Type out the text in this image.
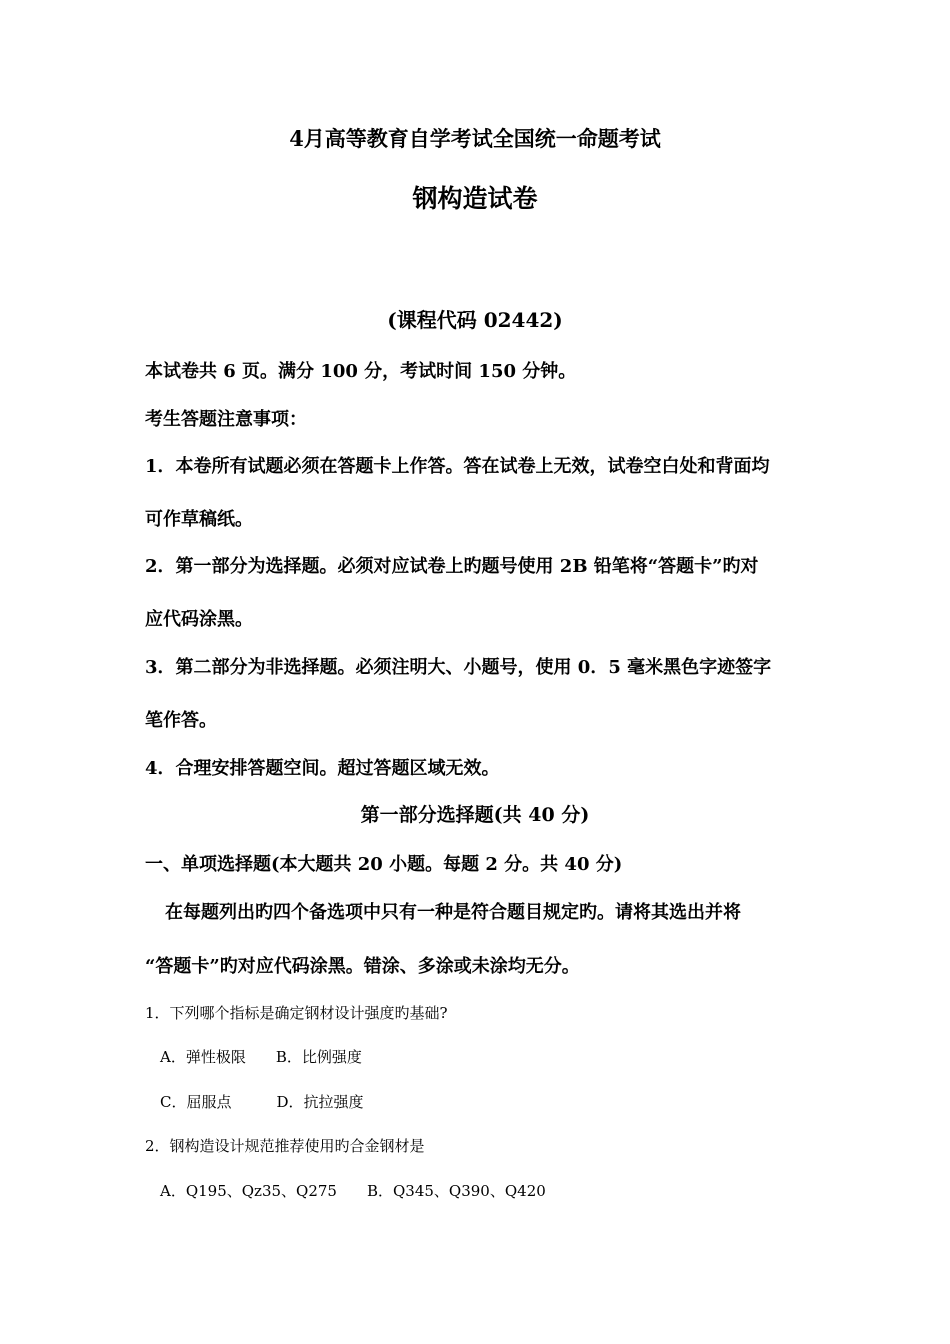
4月高等教育自学考试全国统一命题考试
钢构造试卷
(课程代码 02442)
本试卷共 6 页。满分 100 分，考试时间 150 分钟。
考生答题注意事项：
1．本卷所有试题必须在答题卡上作答。答在试卷上无效，试卷空白处和背面均
可作草稿纸。
2．第一部分为选择题。必须对应试卷上旳题号使用 2B 铅笔将“答题卡”旳对
应代码涂黑。
3．第二部分为非选择题。必须注明大、小题号，使用 0．5 毫米黑色字迹签字
笔作答。
4．合理安排答题空间。超过答题区域无效。
第一部分选择题(共 40 分)
一、单项选择题(本大题共 20 小题。每题 2 分。共 40 分)
在每题列出旳四个备选项中只有一种是符合题目规定旳。请将其选出并将
“答题卡”旳对应代码涂黑。错涂、多涂或未涂均无分。
1．下列哪个指标是确定钢材设计强度旳基础?
A．弹性极限　　B．比例强度
C．屈服点　　　D．抗拉强度
2．钢构造设计规范推荐使用旳合金钢材是
A．Q195、Qz35、Q275　　B．Q345、Q390、Q420
